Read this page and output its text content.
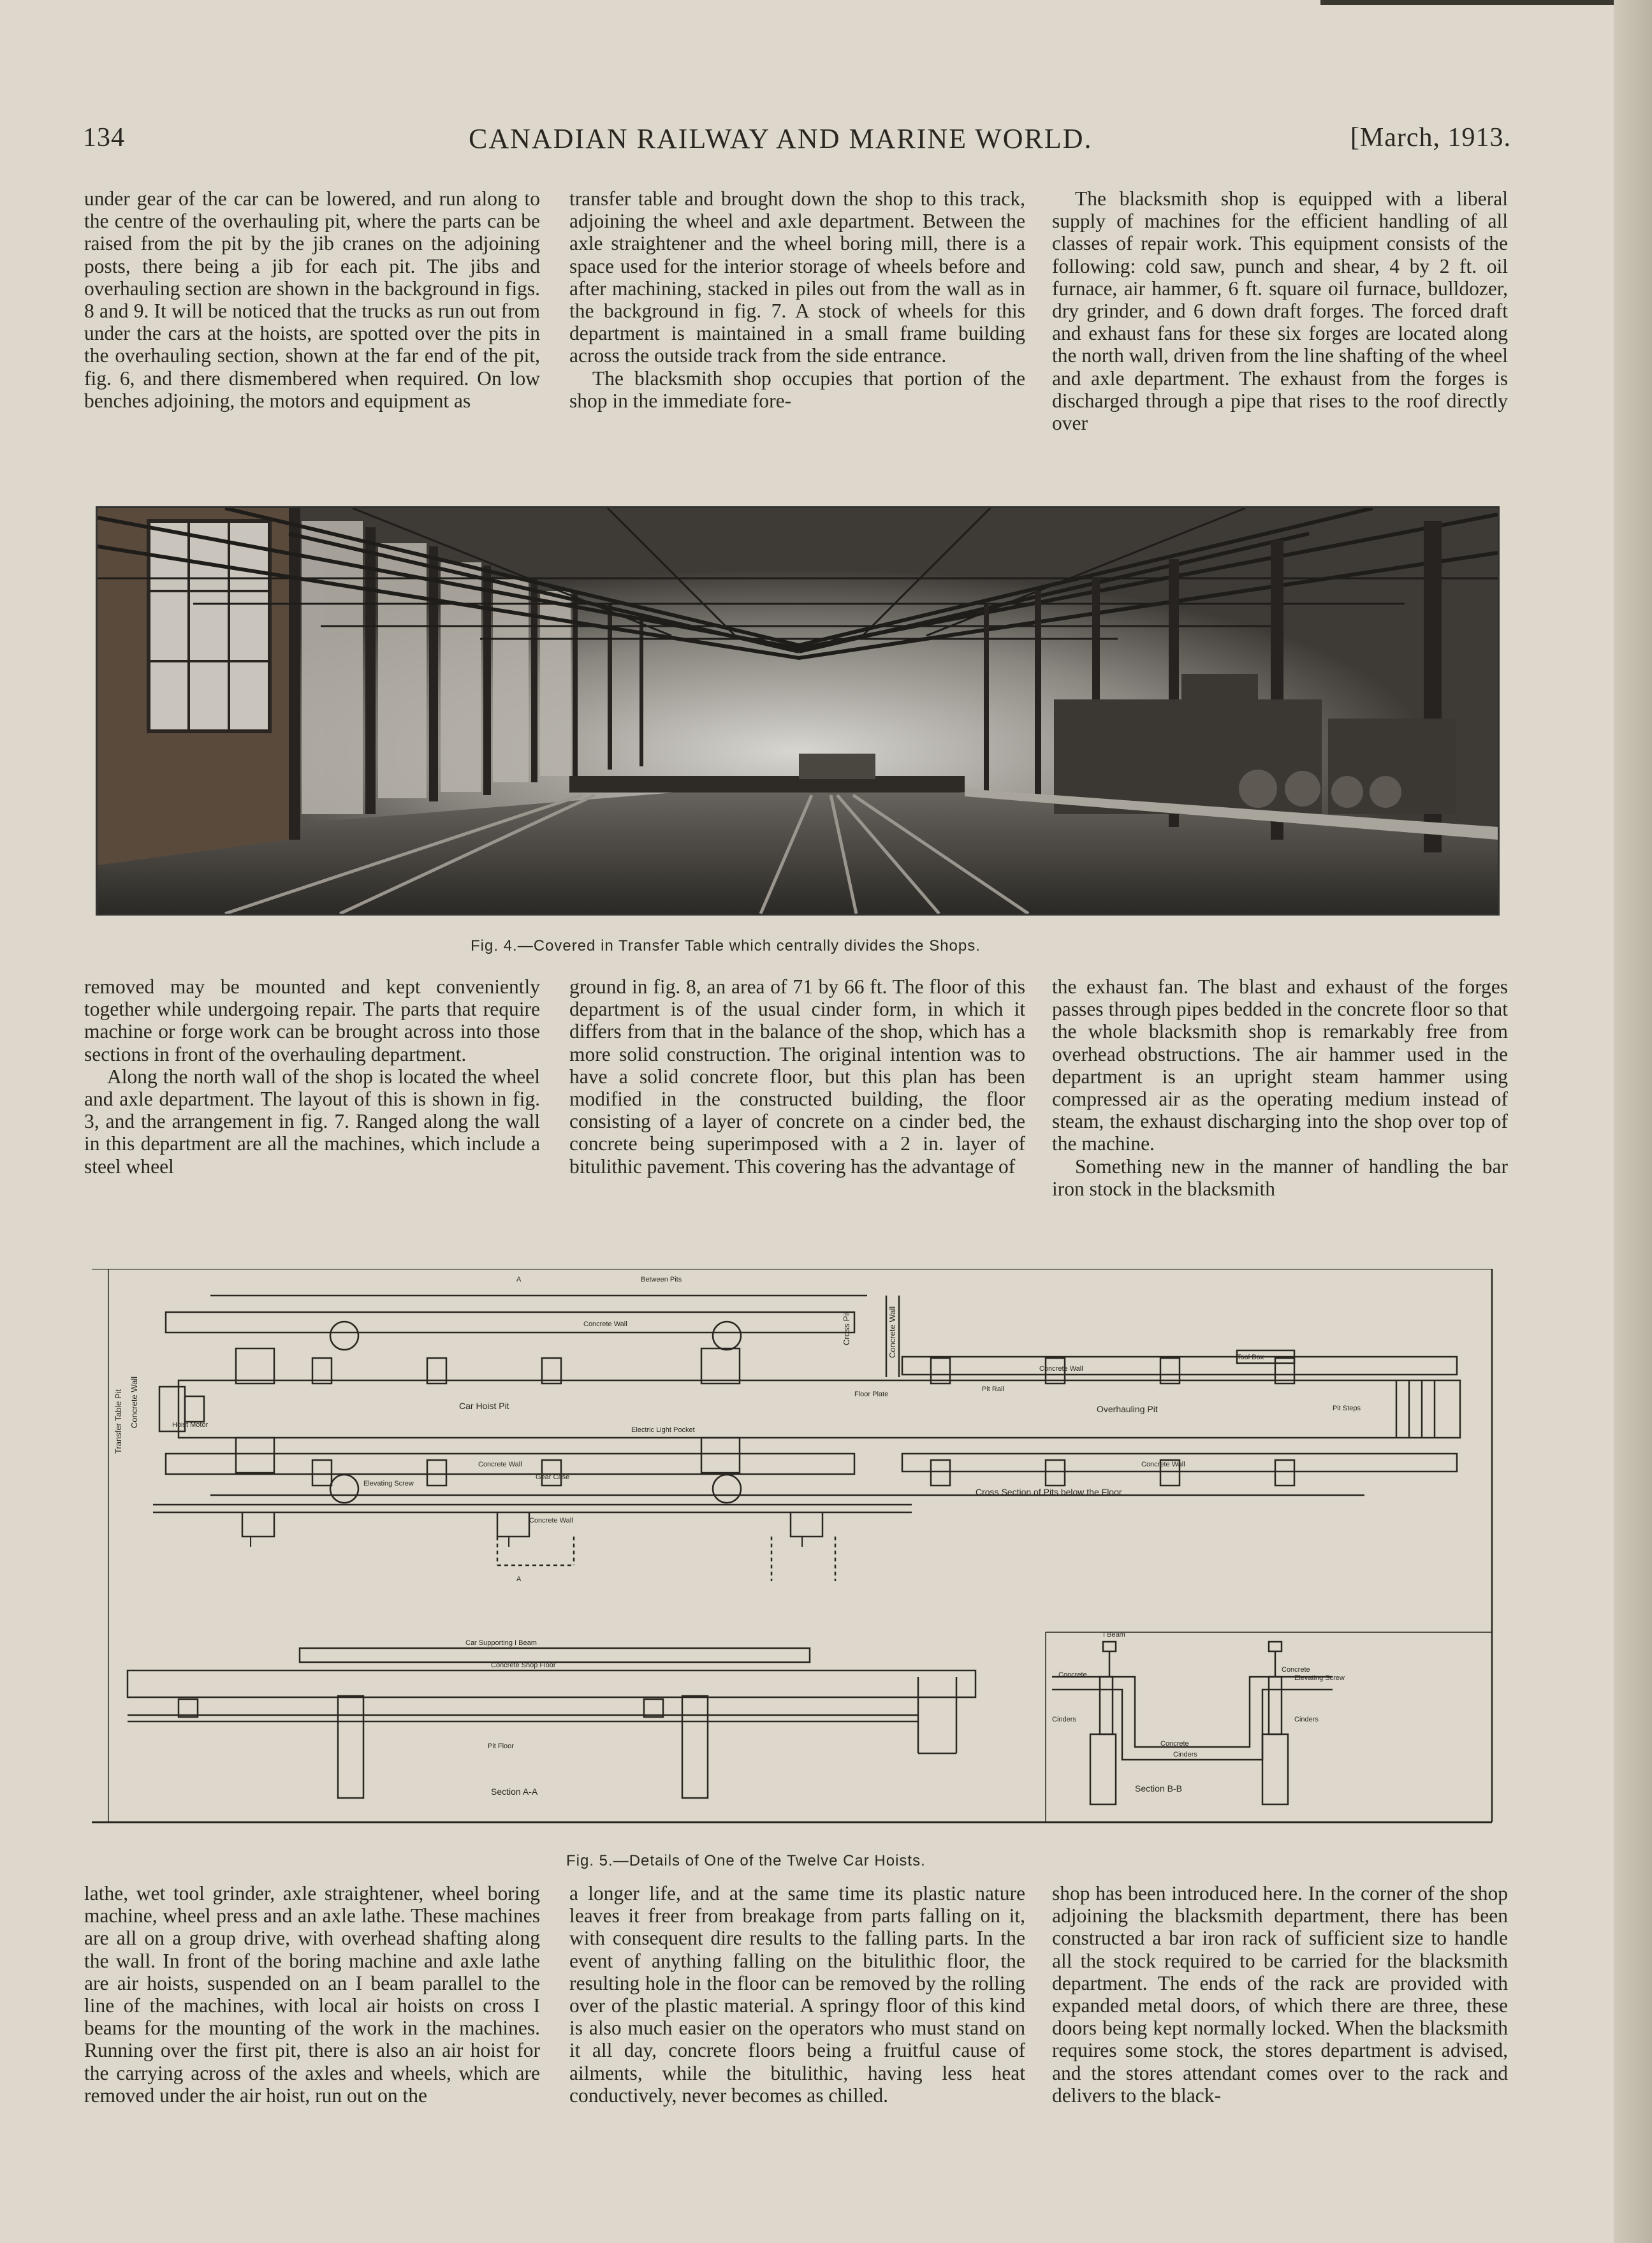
134	CANADIAN RAILWAY AND MARINE WORLD.	[March, 1913.

under gear of the car can be lowered, and run along to the centre of the overhauling pit, where the parts can be raised from the pit by the jib cranes on the adjoining posts, there being a jib for each pit. The jibs and overhauling section are shown in the background in figs. 8 and 9. It will be noticed that the trucks as run out from under the cars at the hoists, are spotted over the pits in the overhauling section, shown at the far end of the pit, fig. 6, and there dismembered when required. On low benches adjoining, the motors and equipment as

transfer table and brought down the shop to this track, adjoining the wheel and axle department. Between the axle straightener and the wheel boring mill, there is a space used for the interior storage of wheels before and after machining, stacked in piles out from the wall as in the background in fig. 7. A stock of wheels for this department is maintained in a small frame building across the outside track from the side entrance.

The blacksmith shop occupies that portion of the shop in the immediate fore-

The blacksmith shop is equipped with a liberal supply of machines for the efficient handling of all classes of repair work. This equipment consists of the following: cold saw, punch and shear, 4 by 2 ft. oil furnace, air hammer, 6 ft. square oil furnace, bulldozer, dry grinder, and 6 down draft forges. The forced draft and exhaust fans for these six forges are located along the north wall, driven from the line shafting of the wheel and axle department. The exhaust from the forges is discharged through a pipe that rises to the roof directly over

Fig. 4.—Covered in Transfer Table which centrally divides the Shops.

removed may be mounted and kept conveniently together while undergoing repair. The parts that require machine or forge work can be brought across into those sections in front of the overhauling department.

Along the north wall of the shop is located the wheel and axle department. The layout of this is shown in fig. 3, and the arrangement in fig. 7. Ranged along the wall in this department are all the machines, which include a steel wheel

ground in fig. 8, an area of 71 by 66 ft. The floor of this department is of the usual cinder form, in which it differs from that in the balance of the shop, which has a more solid construction. The original intention was to have a solid concrete floor, but this plan has been modified in the constructed building, the floor consisting of a layer of concrete on a cinder bed, the concrete being superimposed with a 2 in. layer of bitulithic pavement. This covering has the advantage of

the exhaust fan. The blast and exhaust of the forges passes through pipes bedded in the concrete floor so that the whole blacksmith shop is remarkably free from overhead obstructions. The air hammer used in the department is an upright steam hammer using compressed air as the operating medium instead of steam, the exhaust discharging into the shop over top of the machine.

Something new in the manner of handling the bar iron stock in the blacksmith

Between Pits
Concrete Wall
Concrete Wall
Concrete Wall	Concrete Wall
Concrete Wall
Tool Box
Pit Rail
Floor Plate
Electric Light Pocket
Elevating Screw
Gear Case
Pit Steps
Hoist Motor
Car Supporting I Beam
Concrete Shop Floor
Pit Floor
I Beam
Concrete
Concrete
Concrete
Cinders	Cinders
Cinders
Elevating Screw
Car Hoist Pit	Overhauling Pit
Cross Section of Pits below the Floor
Section A-A	Section B-B
Cross Pit	Concrete Wall
Transfer Table Pit Concrete Wall
I	I	I
A
A
Fig. 5.—Details of One of the Twelve Car Hoists.

lathe, wet tool grinder, axle straightener, wheel boring machine, wheel press and an axle lathe. These machines are all on a group drive, with overhead shafting along the wall. In front of the boring machine and axle lathe are air hoists, suspended on an I beam parallel to the line of the machines, with local air hoists on cross I beams for the mounting of the work in the machines. Running over the first pit, there is also an air hoist for the carrying across of the axles and wheels, which are removed under the air hoist, run out on the

a longer life, and at the same time its plastic nature leaves it freer from breakage from parts falling on it, with consequent dire results to the falling parts. In the event of anything falling on the bitulithic floor, the resulting hole in the floor can be removed by the rolling over of the plastic material. A springy floor of this kind is also much easier on the operators who must stand on it all day, concrete floors being a fruitful cause of ailments, while the bitulithic, having less heat conductively, never becomes as chilled.

shop has been introduced here. In the corner of the shop adjoining the blacksmith department, there has been constructed a bar iron rack of sufficient size to handle all the stock required to be carried for the blacksmith department. The ends of the rack are provided with expanded metal doors, of which there are three, these doors being kept normally locked. When the blacksmith requires some stock, the stores department is advised, and the stores attendant comes over to the rack and delivers to the black-
